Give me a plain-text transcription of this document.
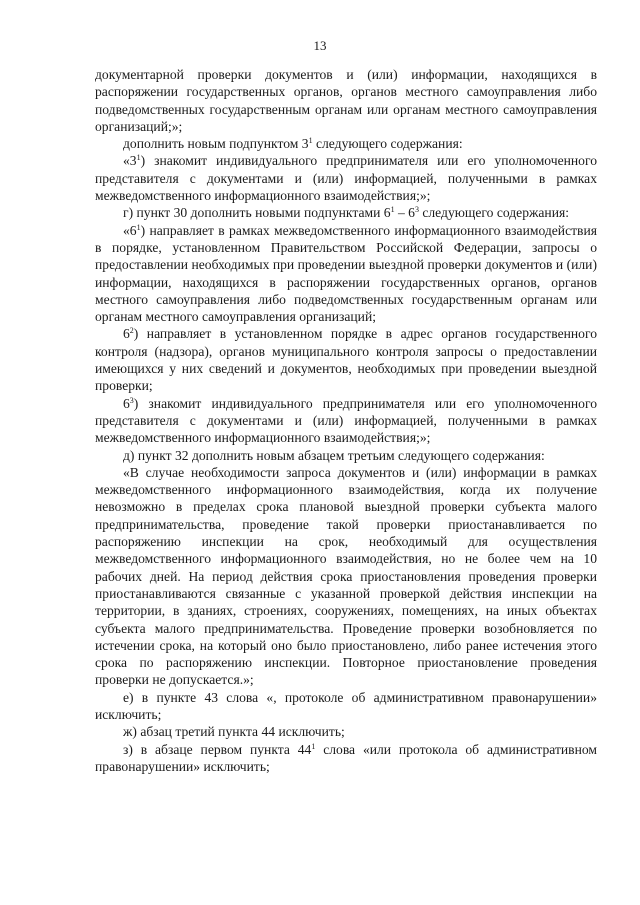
13

документарной проверки документов и (или) информации, находящихся в распоряжении государственных органов, органов местного самоуправления либо подведомственных государственным органам или органам местного самоуправления организаций;»;

дополнить новым подпунктом $3^1$ следующего содержания:

«$3^1$) знакомит индивидуального предпринимателя или его уполномоченного представителя с документами и (или) информацией, полученными в рамках межведомственного информационного взаимодействия;»;

г) пункт 30 дополнить новыми подпунктами $6^1 - 6^3$ следующего содержания:

«$6^1$) направляет в рамках межведомственного информационного взаимодействия в порядке, установленном Правительством Российской Федерации, запросы о предоставлении необходимых при проведении выездной проверки документов и (или) информации, находящихся в распоряжении государственных органов, органов местного самоуправления либо подведомственных государственным органам или органам местного самоуправления организаций;

$6^2$) направляет в установленном порядке в адрес органов государственного контроля (надзора), органов муниципального контроля запросы о предоставлении имеющихся у них сведений и документов, необходимых при проведении выездной проверки;

$6^3$) знакомит индивидуального предпринимателя или его уполномоченного представителя с документами и (или) информацией, полученными в рамках межведомственного информационного взаимодействия;»;

д) пункт 32 дополнить новым абзацем третьим следующего содержания:

«В случае необходимости запроса документов и (или) информации в рамках межведомственного информационного взаимодействия, когда их получение невозможно в пределах срока плановой выездной проверки субъекта малого предпринимательства, проведение такой проверки приостанавливается по распоряжению инспекции на срок, необходимый для осуществления межведомственного информационного взаимодействия, но не более чем на 10 рабочих дней. На период действия срока приостановления проведения проверки приостанавливаются связанные с указанной проверкой действия инспекции на территории, в зданиях, строениях, сооружениях, помещениях, на иных объектах субъекта малого предпринимательства. Проведение проверки возобновляется по истечении срока, на который оно было приостановлено, либо ранее истечения этого срока по распоряжению инспекции. Повторное приостановление проведения проверки не допускается.»;

е) в пункте 43 слова «, протоколе об административном правонарушении» исключить;

ж) абзац третий пункта 44 исключить;

з) в абзаце первом пункта $44^1$ слова «или протокола об административном правонарушении» исключить;
